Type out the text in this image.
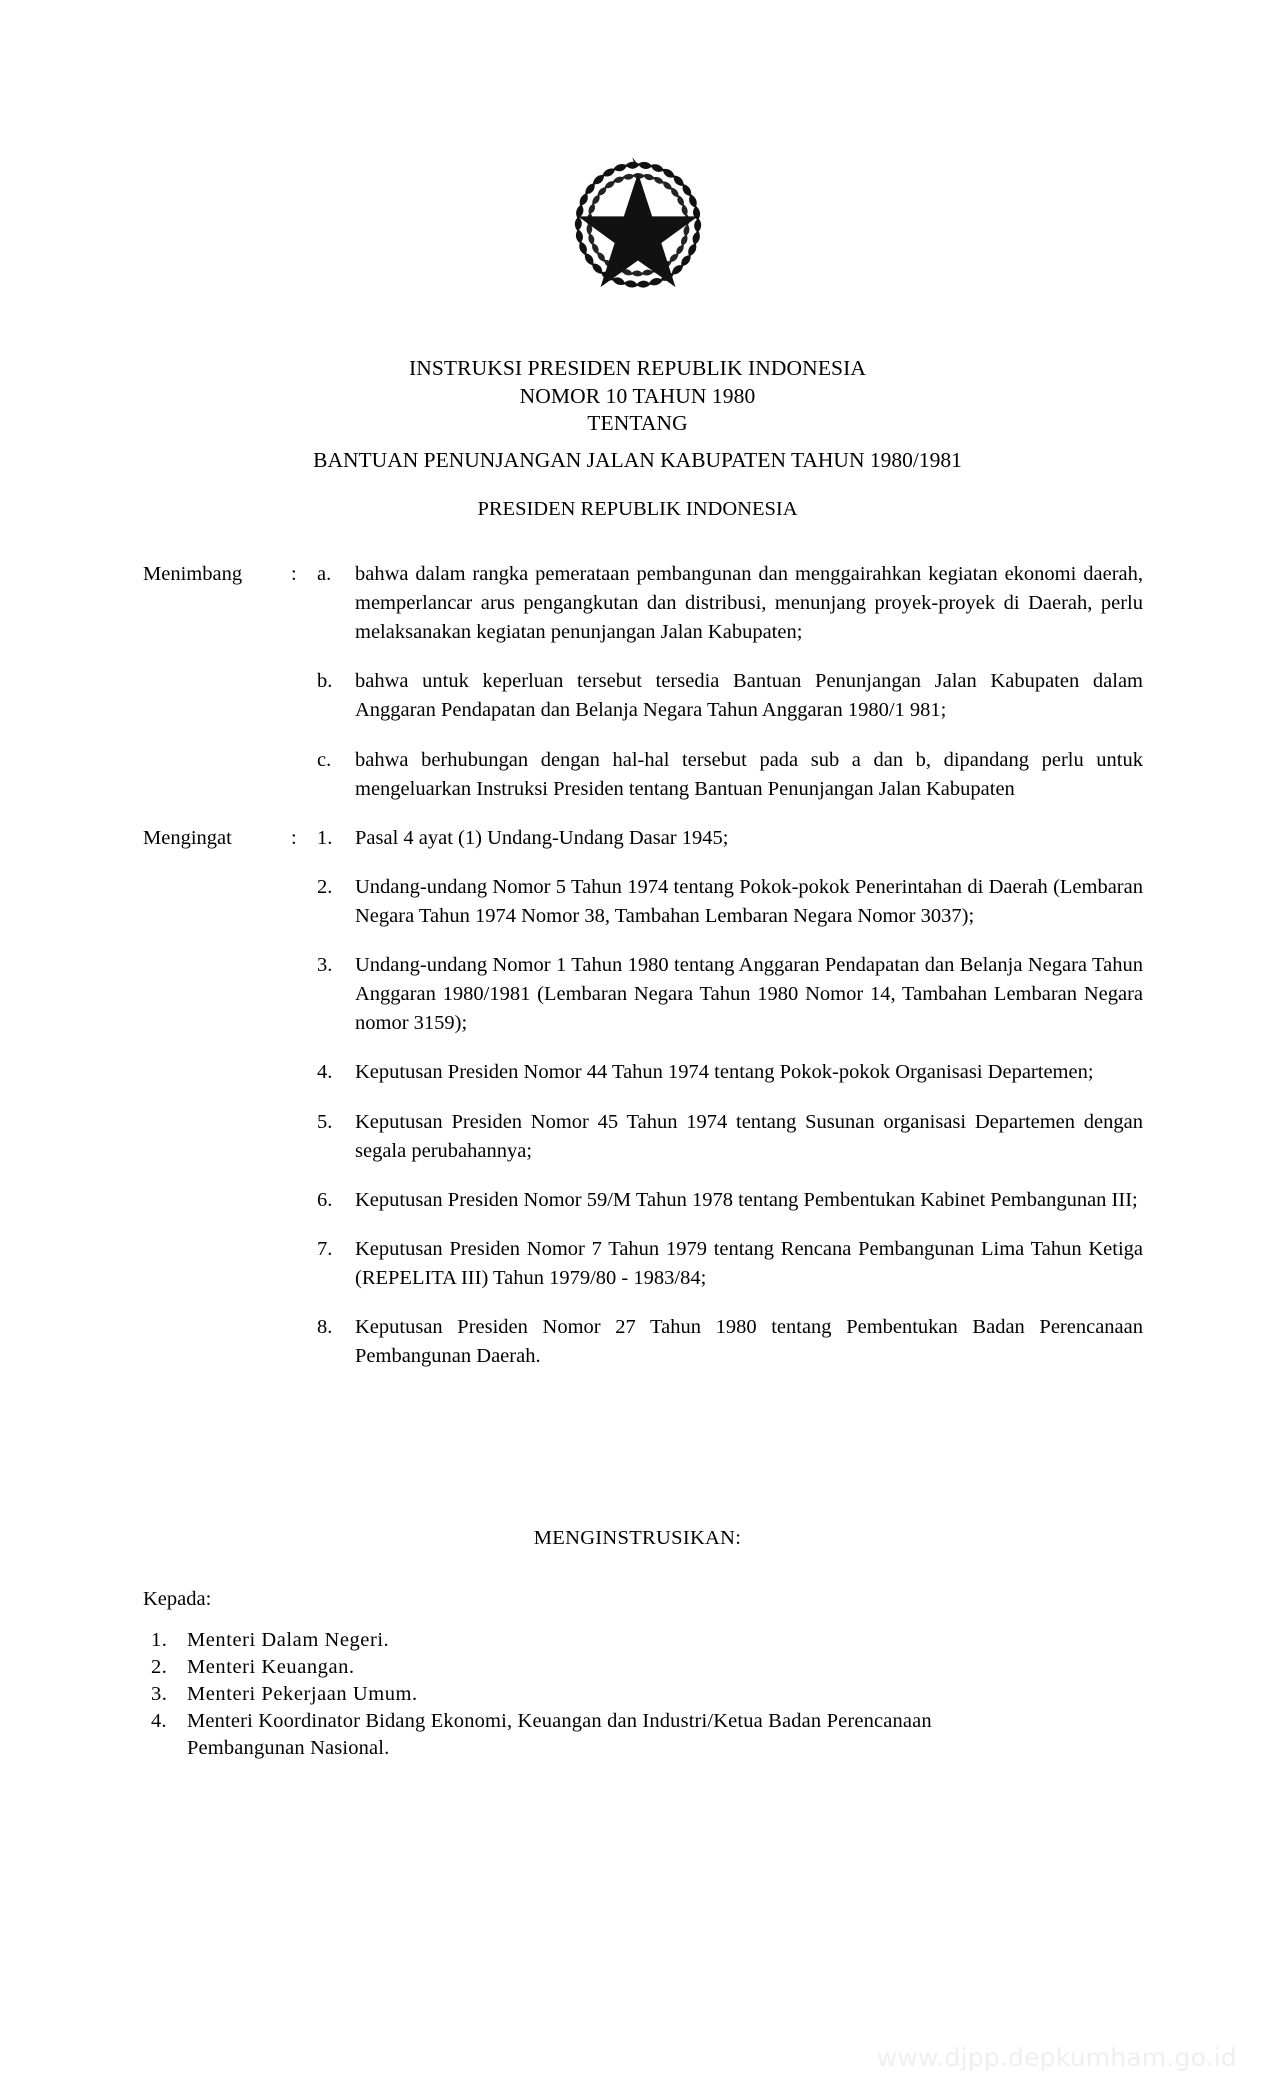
INSTRUKSI PRESIDEN REPUBLIK INDONESIA
NOMOR 10 TAHUN 1980
TENTANG
BANTUAN PENUNJANGAN JALAN KABUPATEN TAHUN 1980/1981
PRESIDEN REPUBLIK INDONESIA
Menimbang	: a.	bahwa dalam rangka pemerataan pembangunan dan menggairahkan kegiatan ekonomi daerah, memperlancar arus pengangkutan dan distribusi, menunjang proyek-proyek di Daerah, perlu melaksanakan kegiatan penunjangan Jalan Kabupaten;
b.	bahwa untuk keperluan tersebut tersedia Bantuan Penunjangan Jalan Kabupaten dalam Anggaran Pendapatan dan Belanja Negara Tahun Anggaran 1980/1 981;
c.	bahwa berhubungan dengan hal-hal tersebut pada sub a dan b, dipandang perlu untuk mengeluarkan Instruksi Presiden tentang Bantuan Penunjangan Jalan Kabupaten
Mengingat	: 1.	Pasal 4 ayat (1) Undang-Undang Dasar 1945;
2.	Undang-undang Nomor 5 Tahun 1974 tentang Pokok-pokok Penerintahan di Daerah (Lembaran Negara Tahun 1974 Nomor 38, Tambahan Lembaran Negara Nomor 3037);
3.	Undang-undang Nomor 1 Tahun 1980 tentang Anggaran Pendapatan dan Belanja Negara Tahun Anggaran 1980/1981 (Lembaran Negara Tahun 1980 Nomor 14, Tambahan Lembaran Negara nomor 3159);
4.	Keputusan Presiden Nomor 44 Tahun 1974 tentang Pokok-pokok Organisasi Departemen;
5.	Keputusan Presiden Nomor 45 Tahun 1974 tentang Susunan organisasi Departemen dengan segala perubahannya;
6.	Keputusan Presiden Nomor 59/M Tahun 1978 tentang Pembentukan Kabinet Pembangunan III;
7.	Keputusan Presiden Nomor 7 Tahun 1979 tentang Rencana Pembangunan Lima Tahun Ketiga (REPELITA III) Tahun 1979/80 - 1983/84;
8.	Keputusan Presiden Nomor 27 Tahun 1980 tentang Pembentukan Badan Perencanaan Pembangunan Daerah.
MENGINSTRUSIKAN:
Kepada:
1. Menteri Dalam Negeri.
2. Menteri Keuangan.
3. Menteri Pekerjaan Umum.
4. Menteri Koordinator Bidang Ekonomi, Keuangan dan Industri/Ketua Badan Perencanaan Pembangunan Nasional.
www.djpp.depkumham.go.id
